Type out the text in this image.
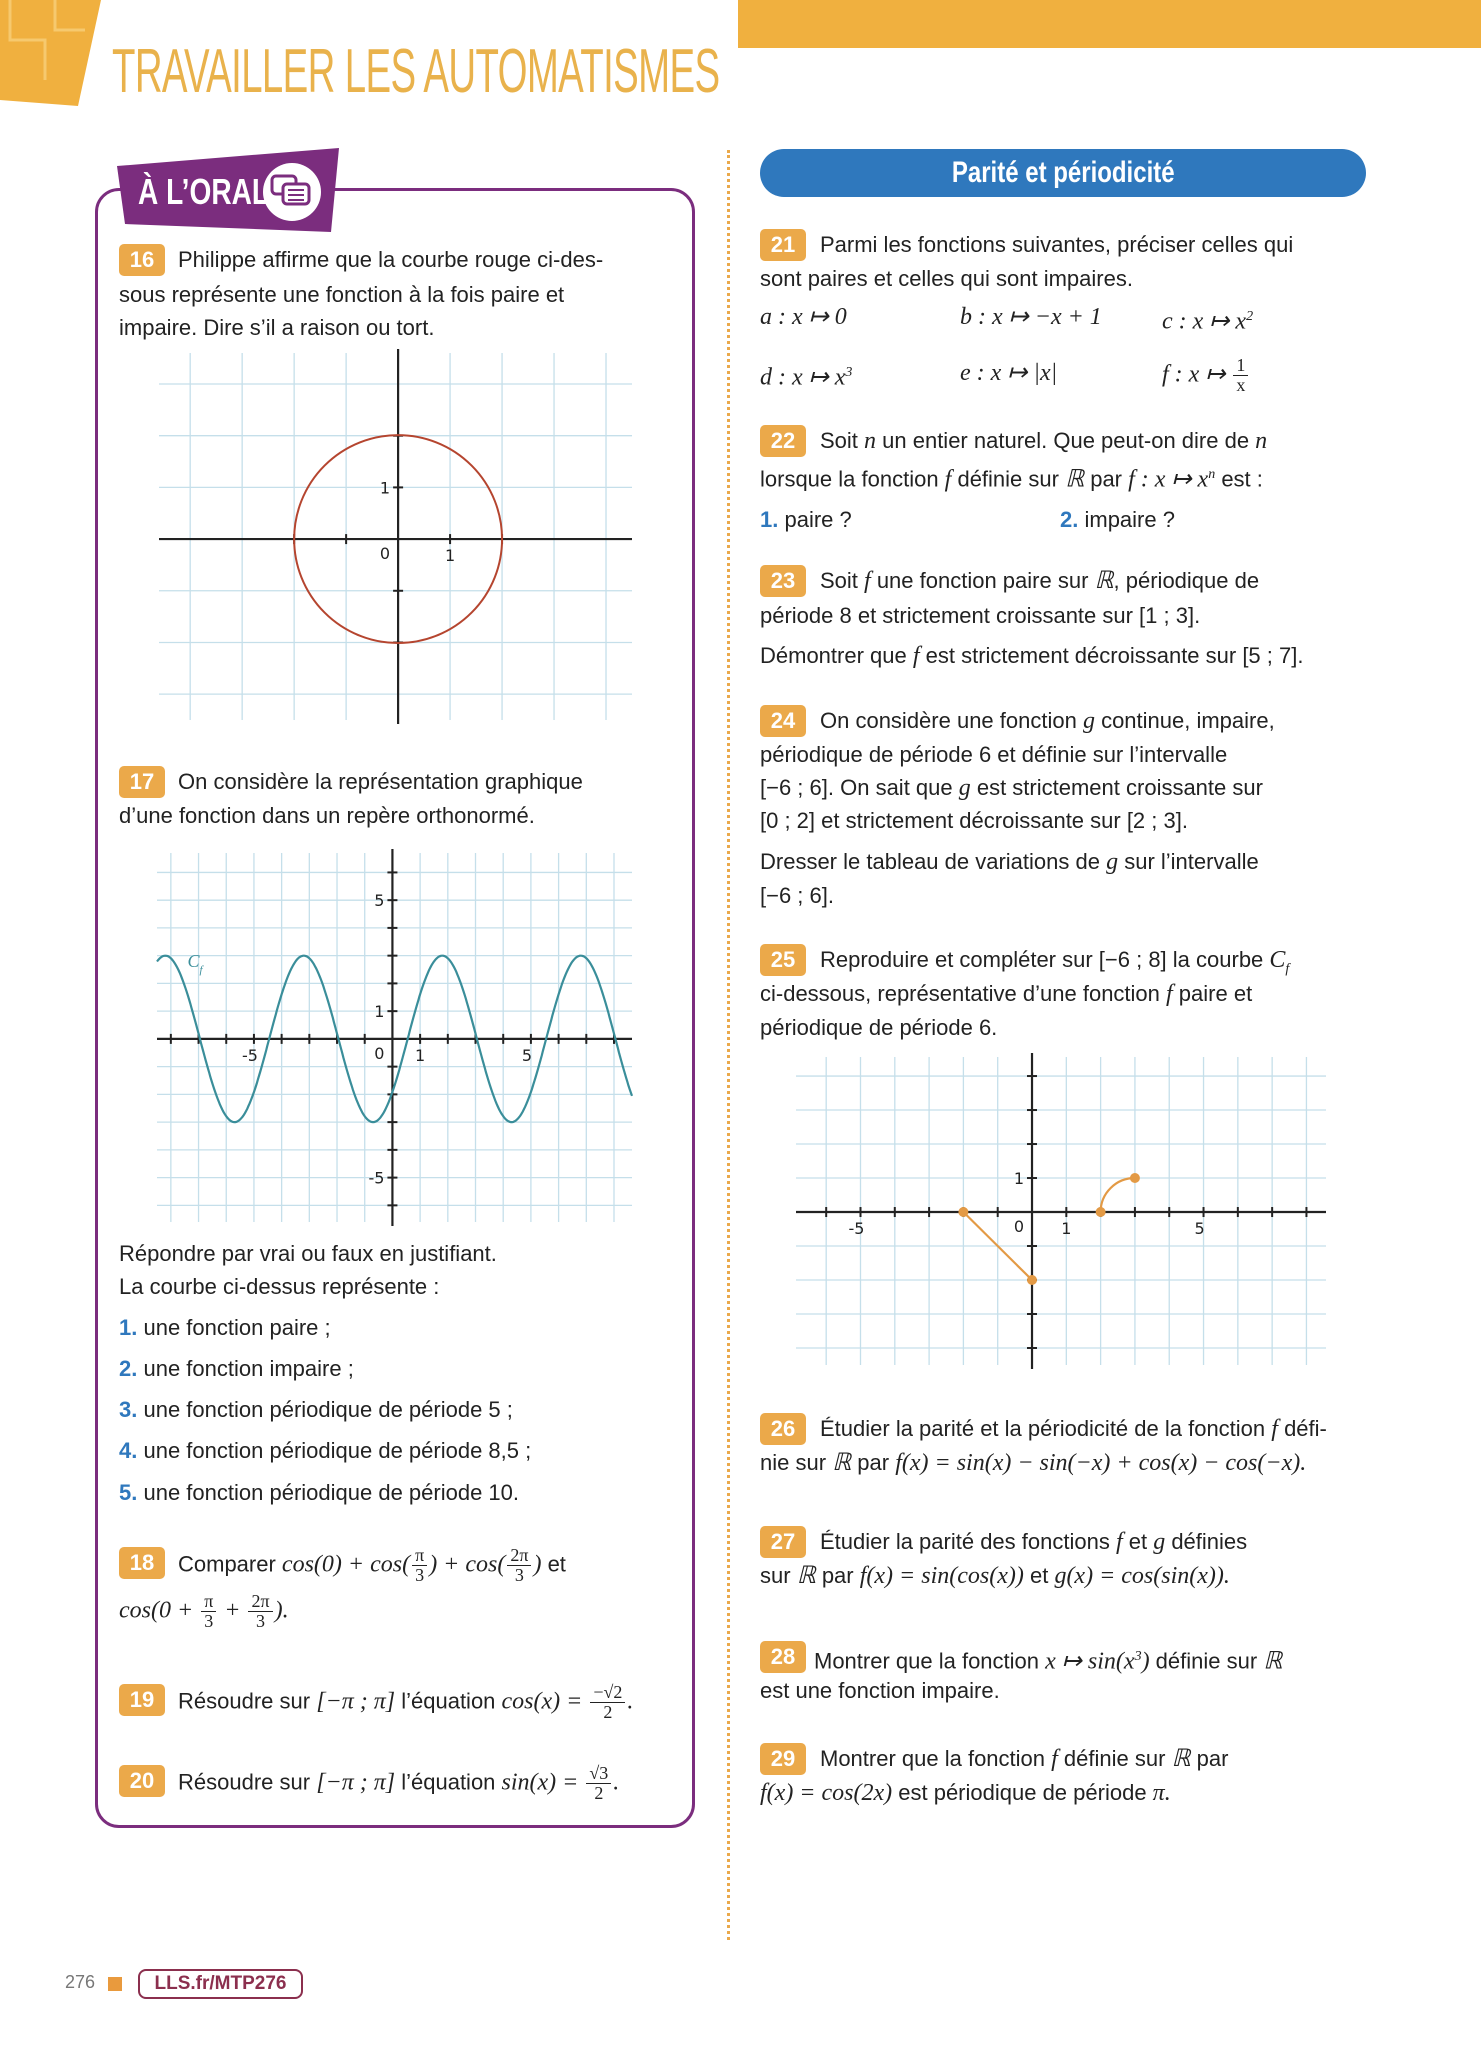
TRAVAILLER LES AUTOMATISMES
À L’ORAL	Parité et périodicité
16	Philippe affirme que la courbe rouge ci-des-
sous représente une fonction à la fois paire et
impaire. Dire s’il a raison ou tort.
1
1
0
17	On considère la représentation graphique
d’une fonction dans un repère orthonormé.
-5	1	5
5
1
-5
0
C f
Répondre par vrai ou faux en justifiant.
La courbe ci-dessus représente :
1. une fonction paire ;
2. une fonction impaire ;
3. une fonction périodique de période 5 ;
4. une fonction périodique de période 8,5 ;
5. une fonction périodique de période 10.
18	Comparer $\cos(0) + \cos( \frac{\pi}{3}$ ) + $\cos( \frac{2\pi}{3}$ ) et
$\cos(0 + \frac{\pi}{3} + \frac{2\pi}{3}$ ).
19	Résoudre sur [−π ; π] l’équation $\cos(x) = \frac{-√2}{2}$ .
20	Résoudre sur [−π ; π] l’équation $\sin(x) = \frac{√3}{2}$ .
21	Parmi les fonctions suivantes, préciser celles qui
sont paires et celles qui sont impaires.
a : x ↦ 0	b : x ↦ −x + 1	c : x ↦ $x^2$
d : x ↦ $x^3$	e : x ↦ |x|	f : x ↦ $\frac{1}{x}$
22	Soit n un entier naturel. Que peut-on dire de n
lorsque la fonction f définie sur ℝ par f : x ↦ $x^n$ est :
1. paire ?	2. impaire ?
23	Soit f une fonction paire sur ℝ, périodique de
période 8 et strictement croissante sur [1 ; 3].
Démontrer que f est strictement décroissante sur [5 ; 7].
24	On considère une fonction g continue, impaire,
périodique de période 6 et définie sur l’intervalle
[−6 ; 6]. On sait que g est strictement croissante sur
[0 ; 2] et strictement décroissante sur [2 ; 3].
Dresser le tableau de variations de g sur l’intervalle
[−6 ; 6].
25	Reproduire et compléter sur [−6 ; 8] la courbe $C_f$
ci-dessous, représentative d’une fonction f paire et
périodique de période 6.
-5	1	5
1
0
26	Étudier la parité et la périodicité de la fonction f défi-
nie sur ℝ par f(x) = sin(x) − sin(−x) + cos(x) − cos(−x).
27	Étudier la parité des fonctions f et g définies
sur ℝ par f(x) = sin(cos(x)) et g(x) = cos(sin(x)).
28 Montrer que la fonction x ↦ $\sin(x^3)$ définie sur ℝ
est une fonction impaire.
29	Montrer que la fonction f définie sur ℝ par
f(x) = cos(2x) est périodique de période π.
276	LLS.fr/MTP276
